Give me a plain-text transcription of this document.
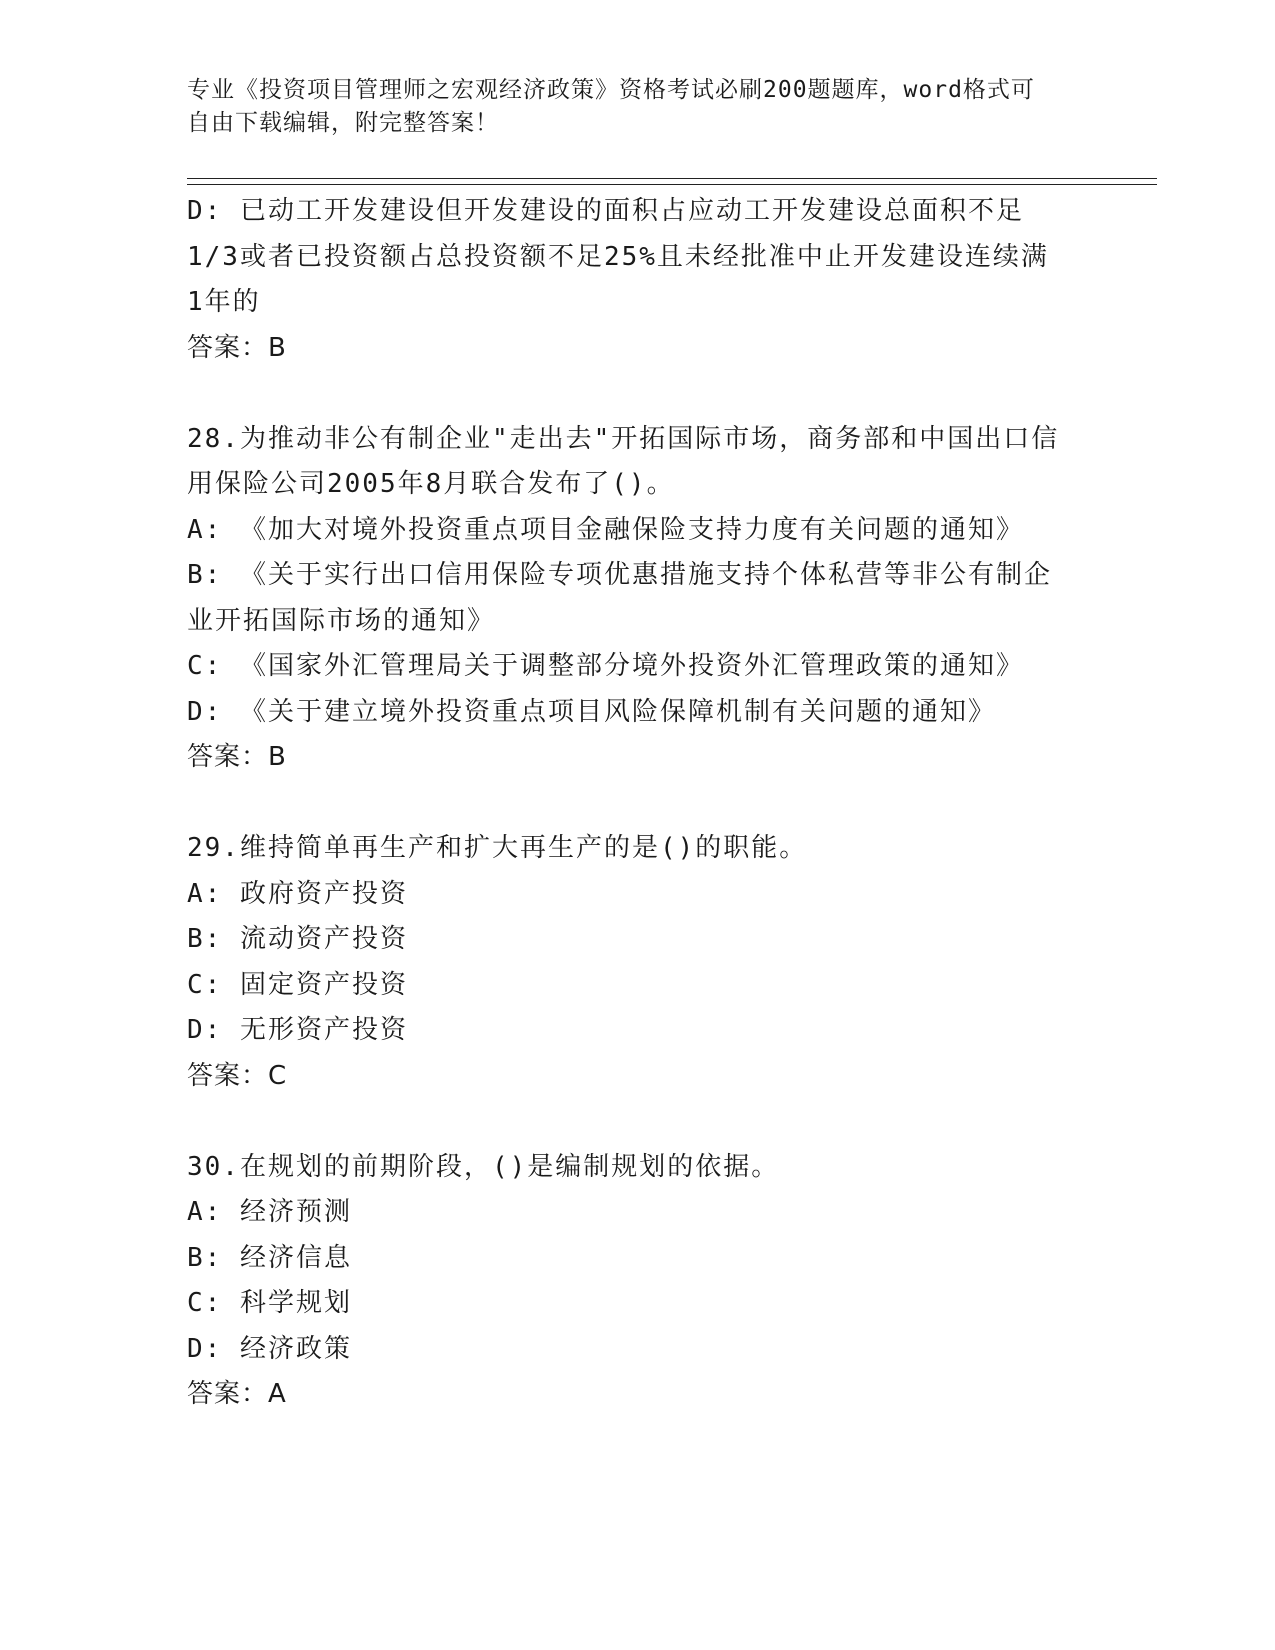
专业《投资项目管理师之宏观经济政策》资格考试必刷200题题库，word格式可
自由下载编辑，附完整答案！
D: 已动工开发建设但开发建设的面积占应动工开发建设总面积不足
1/3或者已投资额占总投资额不足25%且未经批准中止开发建设连续满
1年的
答案：B
28.为推动非公有制企业"走出去"开拓国际市场，商务部和中国出口信
用保险公司2005年8月联合发布了()。
A: 《加大对境外投资重点项目金融保险支持力度有关问题的通知》
B: 《关于实行出口信用保险专项优惠措施支持个体私营等非公有制企
业开拓国际市场的通知》
C: 《国家外汇管理局关于调整部分境外投资外汇管理政策的通知》
D: 《关于建立境外投资重点项目风险保障机制有关问题的通知》
答案：B
29.维持简单再生产和扩大再生产的是()的职能。
A: 政府资产投资
B: 流动资产投资
C: 固定资产投资
D: 无形资产投资
答案：C
30.在规划的前期阶段，()是编制规划的依据。
A: 经济预测
B: 经济信息
C: 科学规划
D: 经济政策
答案：A
